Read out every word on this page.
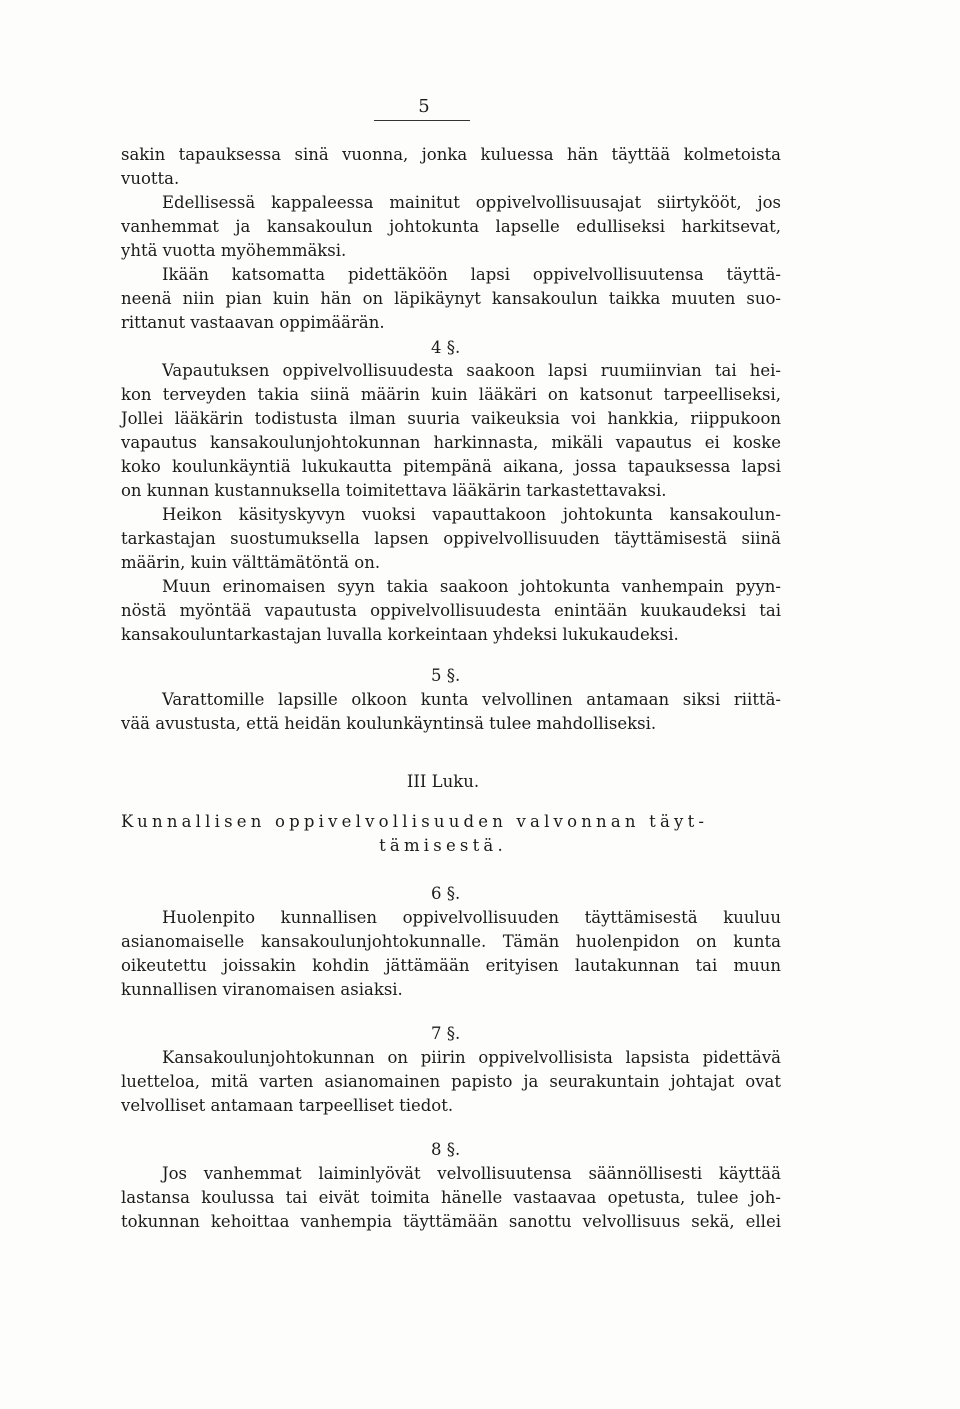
5
sakin tapauksessa sinä vuonna, jonka kuluessa hän täyttää kolmetoista
vuotta.
Edellisessä kappaleessa mainitut oppivelvollisuusajat siirtykööt, jos
vanhemmat ja kansakoulun johtokunta lapselle edulliseksi harkitsevat,
yhtä vuotta myöhemmäksi.
Ikään katsomatta pidettäköön lapsi oppivelvollisuutensa täyttä-
neenä niin pian kuin hän on läpikäynyt kansakoulun taikka muuten suo-
rittanut vastaavan oppimäärän.
4 §.
Vapautuksen oppivelvollisuudesta saakoon lapsi ruumiinvian tai hei-
kon terveyden takia siinä määrin kuin lääkäri on katsonut tarpeelliseksi,
Jollei lääkärin todistusta ilman suuria vaikeuksia voi hankkia, riippukoon
vapautus kansakoulunjohtokunnan harkinnasta, mikäli vapautus ei koske
koko koulunkäyntiä lukukautta pitempänä aikana, jossa tapauksessa lapsi
on kunnan kustannuksella toimitettava lääkärin tarkastettavaksi.
Heikon käsityskyvyn vuoksi vapauttakoon johtokunta kansakoulun-
tarkastajan suostumuksella lapsen oppivelvollisuuden täyttämisestä siinä
määrin, kuin välttämätöntä on.
Muun erinomaisen syyn takia saakoon johtokunta vanhempain pyyn-
nöstä myöntää vapautusta oppivelvollisuudesta enintään kuukaudeksi tai
kansakouluntarkastajan luvalla korkeintaan yhdeksi lukukaudeksi.
5 §.
Varattomille lapsille olkoon kunta velvollinen antamaan siksi riittä-
vää avustusta, että heidän koulunkäyntinsä tulee mahdolliseksi.
III Luku.
Kunnallisen oppivelvollisuuden valvonnan täyt-
tämisestä.
6 §.
Huolenpito kunnallisen oppivelvollisuuden täyttämisestä kuuluu
asianomaiselle kansakoulunjohtokunnalle. Tämän huolenpidon on kunta
oikeutettu joissakin kohdin jättämään erityisen lautakunnan tai muun
kunnallisen viranomaisen asiaksi.
7 §.
Kansakoulunjohtokunnan on piirin oppivelvollisista lapsista pidettävä
luetteloa, mitä varten asianomainen papisto ja seurakuntain johtajat ovat
velvolliset antamaan tarpeelliset tiedot.
8 §.
Jos vanhemmat laiminlyövät velvollisuutensa säännöllisesti käyttää
lastansa koulussa tai eivät toimita hänelle vastaavaa opetusta, tulee joh-
tokunnan kehoittaa vanhempia täyttämään sanottu velvollisuus sekä, ellei
